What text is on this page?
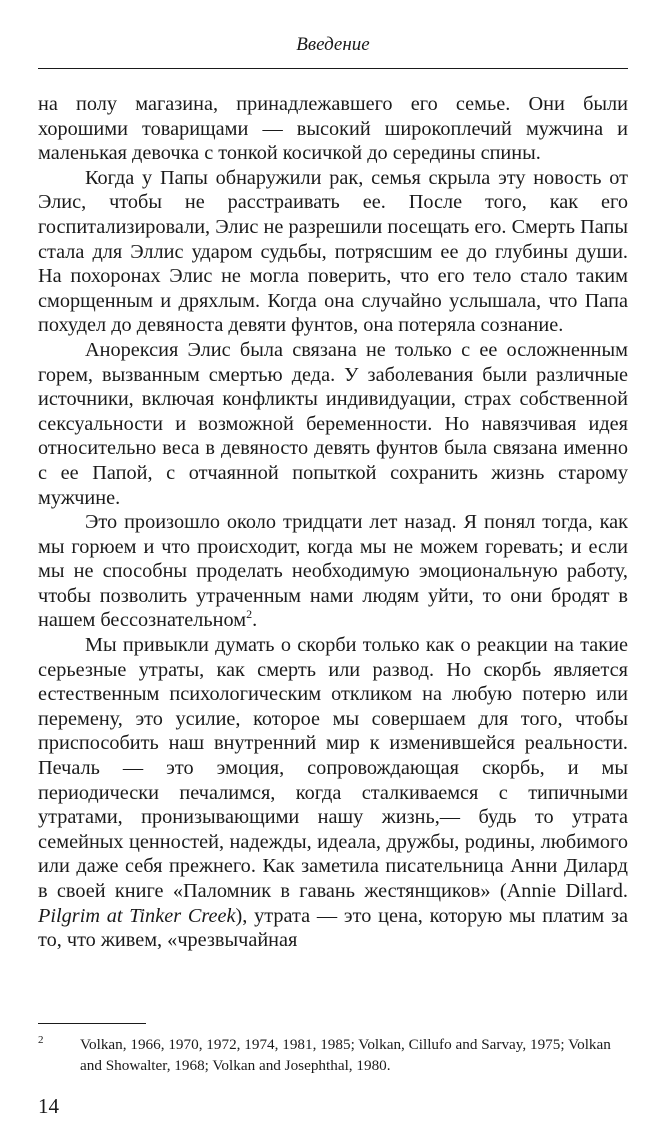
Введение

на полу магазина, принадлежавшего его семье. Они были хорошими товарищами — высокий широкоплечий мужчина и маленькая девочка с тонкой косичкой до середины спины.

Когда у Папы обнаружили рак, семья скрыла эту новость от Элис, чтобы не расстраивать ее. После того, как его госпитализировали, Элис не разрешили посещать его. Смерть Папы стала для Эллис ударом судьбы, потрясшим ее до глубины души. На похоронах Элис не могла поверить, что его тело стало таким сморщенным и дряхлым. Когда она случайно услышала, что Папа похудел до девяноста девяти фунтов, она потеряла сознание.

Анорексия Элис была связана не только с ее осложненным горем, вызванным смертью деда. У заболевания были различные источники, включая конфликты индивидуации, страх собственной сексуальности и возможной беременности. Но навязчивая идея относительно веса в девяносто девять фунтов была связана именно с ее Папой, с отчаянной попыткой сохранить жизнь старому мужчине.

Это произошло около тридцати лет назад. Я понял тогда, как мы горюем и что происходит, когда мы не можем горевать; и если мы не способны проделать необходимую эмоциональную работу, чтобы позволить утраченным нами людям уйти, то они бродят в нашем бессознательном$^2$.

Мы привыкли думать о скорби только как о реакции на такие серьезные утраты, как смерть или развод. Но скорбь является естественным психологическим откликом на любую потерю или перемену, это усилие, которое мы совершаем для того, чтобы приспособить наш внутренний мир к изменившейся реальности. Печаль — это эмоция, сопровождающая скорбь, и мы периодически печалимся, когда сталкиваемся с типичными утратами, пронизывающими нашу жизнь,— будь то утрата семейных ценностей, надежды, идеала, дружбы, родины, любимого или даже себя прежнего. Как заметила писательница Анни Дилард в своей книге «Паломник в гавань жестянщиков» (Annie Dillard. Pilgrim at Tinker Creek), утрата — это цена, которую мы платим за то, что живем, «чрезвычайная

2 Volkan, 1966, 1970, 1972, 1974, 1981, 1985; Volkan, Cillufo and Sarvay, 1975; Volkan and Showalter, 1968; Volkan and Josephthal, 1980.
14
